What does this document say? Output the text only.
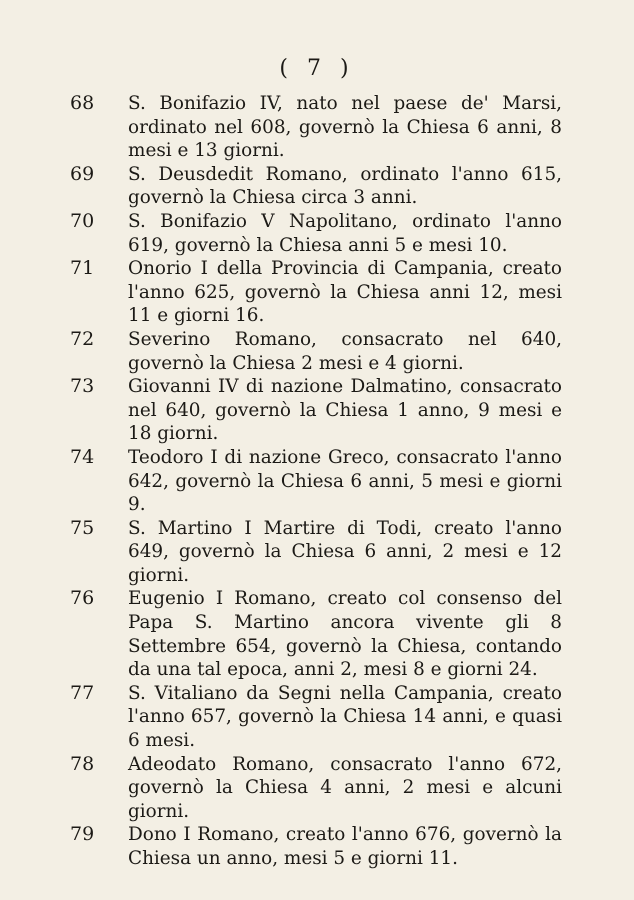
( 7 )
68	S. Bonifazio IV, nato nel paese de' Marsi, ordinato nel 608, governò la Chiesa 6 anni, 8 mesi e 13 giorni.
69	S. Deusdedit Romano, ordinato l'anno 615, governò la Chiesa circa 3 anni.
70	S. Bonifazio V Napolitano, ordinato l'anno 619, governò la Chiesa anni 5 e mesi 10.
71	Onorio I della Provincia di Campania, creato l'anno 625, governò la Chiesa anni 12, mesi 11 e giorni 16.
72	Severino Romano, consacrato nel 640, governò la Chiesa 2 mesi e 4 giorni.
73	Giovanni IV di nazione Dalmatino, consacrato nel 640, governò la Chiesa 1 anno, 9 mesi e 18 giorni.
74	Teodoro I di nazione Greco, consacrato l'anno 642, governò la Chiesa 6 anni, 5 mesi e giorni 9.
75	S. Martino I Martire di Todi, creato l'anno 649, governò la Chiesa 6 anni, 2 mesi e 12 giorni.
76	Eugenio I Romano, creato col consenso del Papa S. Martino ancora vivente gli 8 Settembre 654, governò la Chiesa, contando da una tal epoca, anni 2, mesi 8 e giorni 24.
77	S. Vitaliano da Segni nella Campania, creato l'anno 657, governò la Chiesa 14 anni, e quasi 6 mesi.
78	Adeodato Romano, consacrato l'anno 672, governò la Chiesa 4 anni, 2 mesi e alcuni giorni.
79	Dono I Romano, creato l'anno 676, governò la Chiesa un anno, mesi 5 e giorni 11.
